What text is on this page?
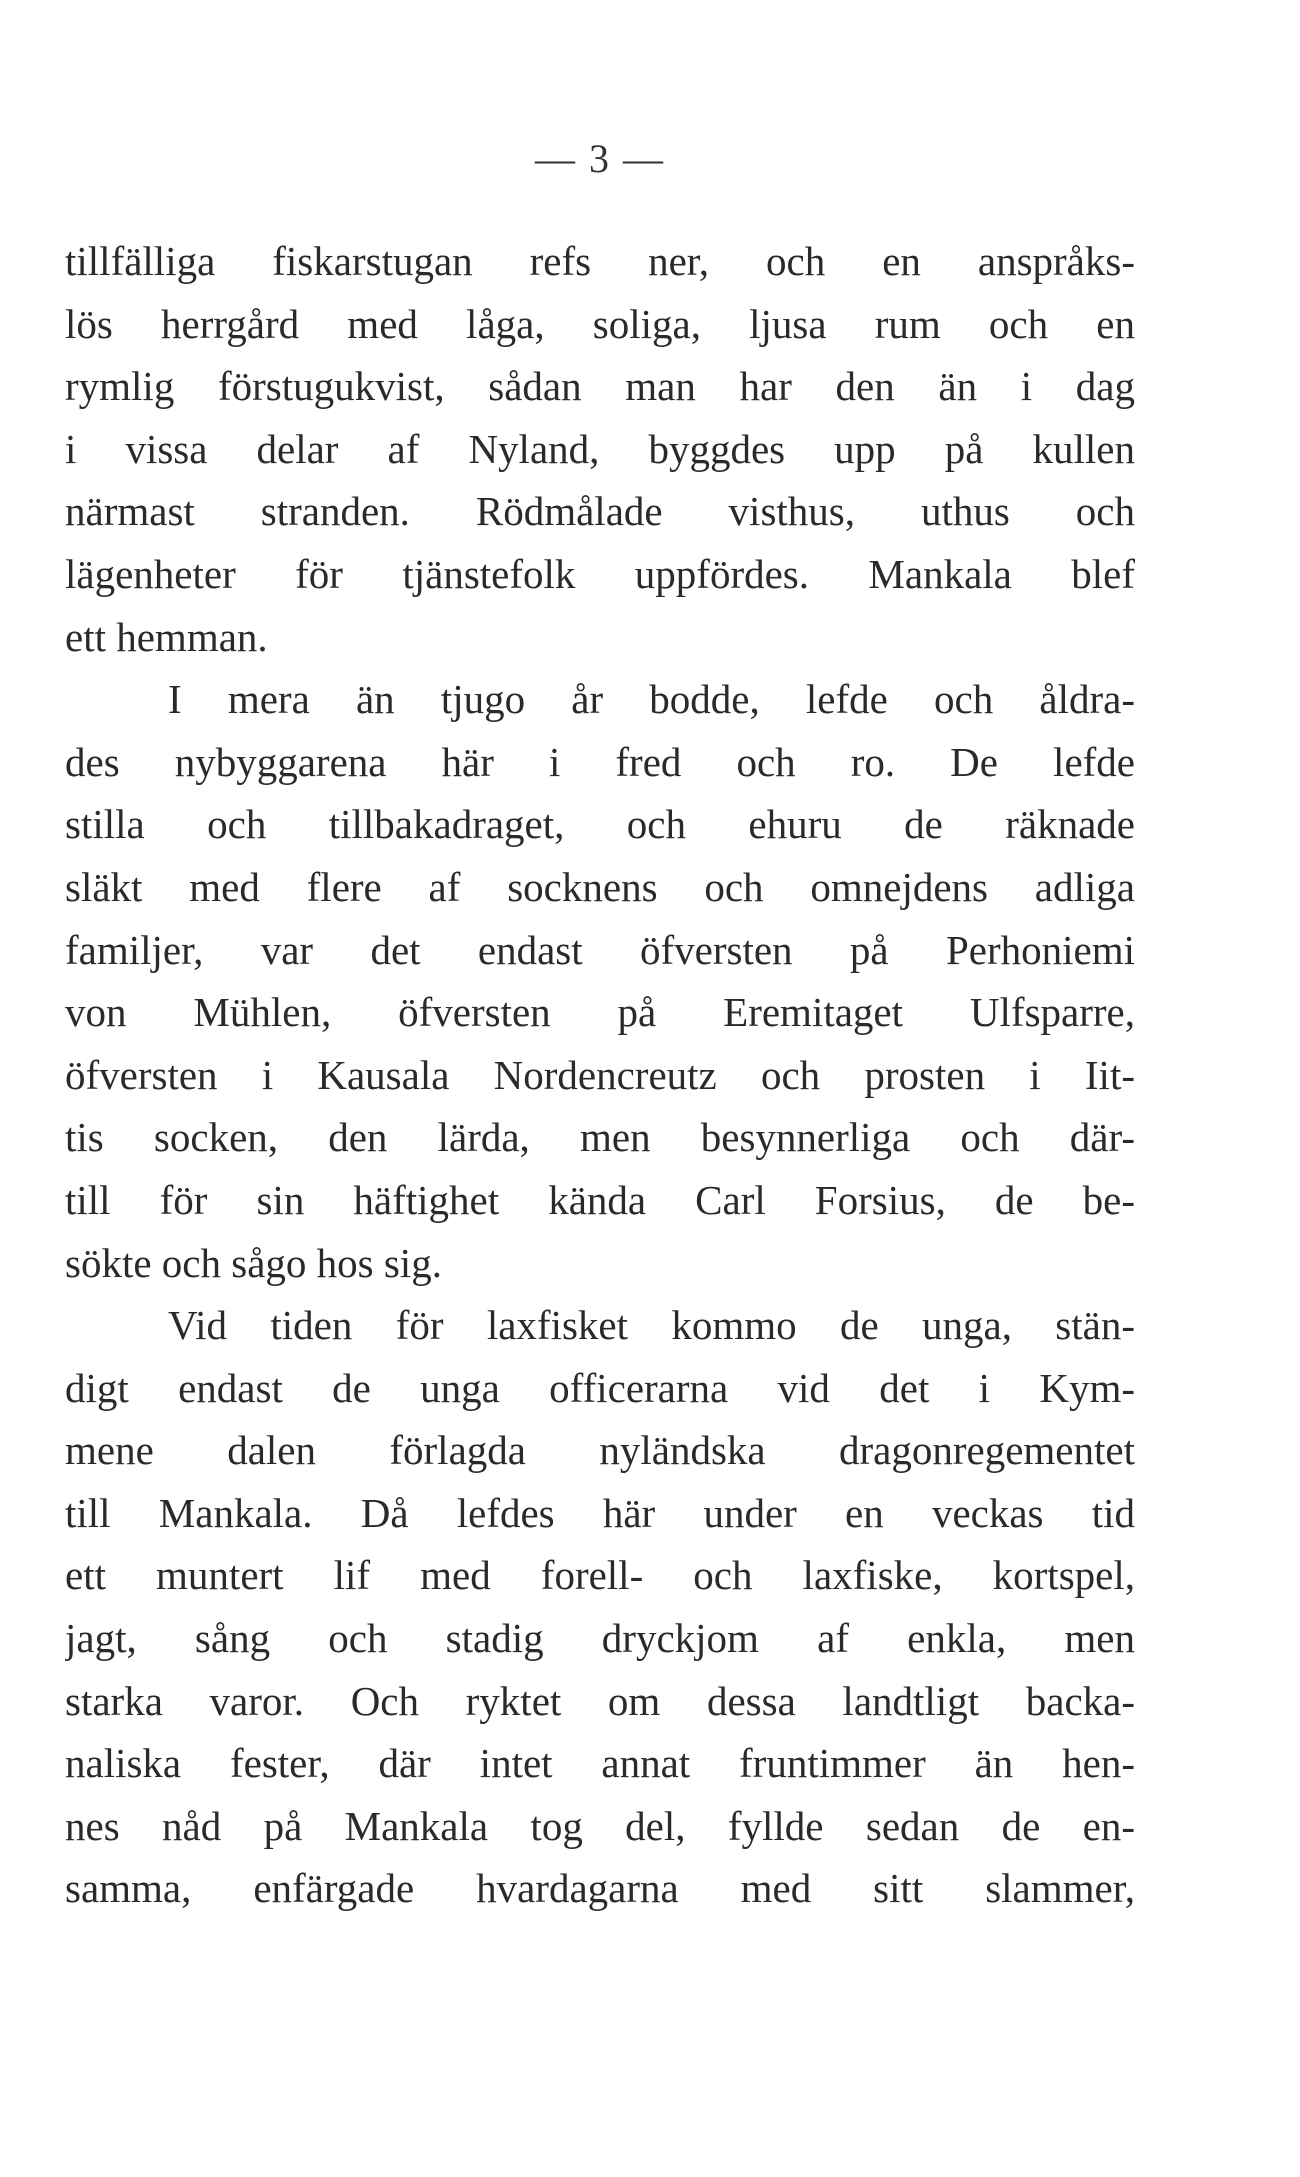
— 3 —
tillfälliga fiskarstugan refs ner, och en anspråks-
lös herrgård med låga, soliga, ljusa rum och en
rymlig förstugukvist, sådan man har den än i dag
i vissa delar af Nyland, byggdes upp på kullen
närmast stranden. Rödmålade visthus, uthus och
lägenheter för tjänstefolk uppfördes. Mankala blef
ett hemman.
I mera än tjugo år bodde, lefde och åldra-
des nybyggarena här i fred och ro. De lefde
stilla och tillbakadraget, och ehuru de räknade
släkt med flere af socknens och omnejdens adliga
familjer, var det endast öfversten på Perhoniemi
von Mühlen, öfversten på Eremitaget Ulfsparre,
öfversten i Kausala Nordencreutz och prosten i Iit-
tis socken, den lärda, men besynnerliga och där-
till för sin häftighet kända Carl Forsius, de be-
sökte och sågo hos sig.
Vid tiden för laxfisket kommo de unga, stän-
digt endast de unga officerarna vid det i Kym-
mene dalen förlagda nyländska dragonregementet
till Mankala. Då lefdes här under en veckas tid
ett muntert lif med forell- och laxfiske, kortspel,
jagt, sång och stadig dryckjom af enkla, men
starka varor. Och ryktet om dessa landtligt backa-
naliska fester, där intet annat fruntimmer än hen-
nes nåd på Mankala tog del, fyllde sedan de en-
samma, enfärgade hvardagarna med sitt slammer,
